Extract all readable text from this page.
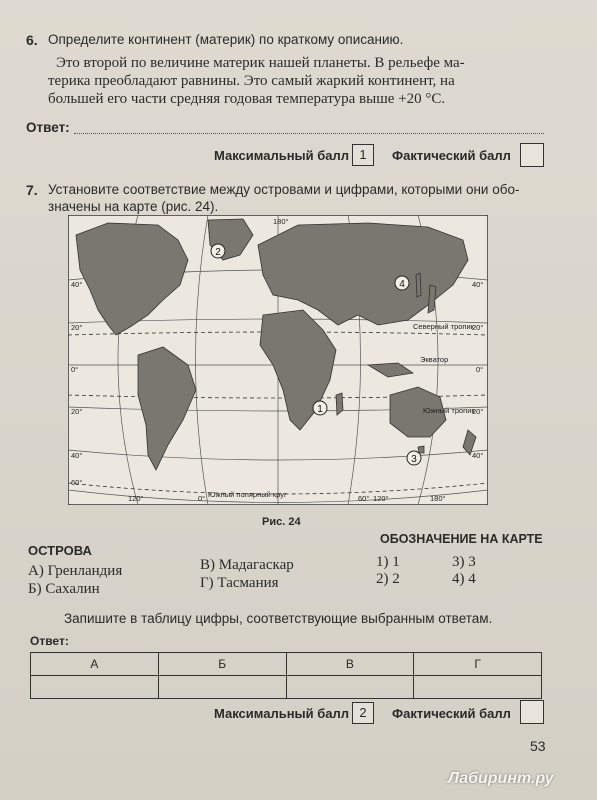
6. Определите континент (материк) по краткому описанию.
Это второй по величине материк нашей планеты. В рельефе ма-
терика преобладают равнины. Это самый жаркий континент, на
большей его части средняя годовая температура выше +20 °С.
Ответ:
Максимальный балл 1	Фактический балл
7. Установите соответствие между островами и цифрами, которыми они обо-
значены на карте (рис. 24).
2
1
3
4
Северный тропик
Экватор
Южный тропик
Южный полярный круг
120°	0°	60° 120°	180°
180°
40°
20°
0°
20°
40°
60°
40°
20°
0°
20°
40°
Рис. 24
ОСТРОВА
А) Гренландия
Б) Сахалин
В) Мадагаскар
Г) Тасмания
ОБОЗНАЧЕНИЕ НА КАРТЕ
1) 1	3) 3
2) 2	4) 4
Запишите в таблицу цифры, соответствующие выбранным ответам.
Ответ:
А	Б	В	Г

Максимальный балл 2	Фактический балл
53
Лабиринт.ру
